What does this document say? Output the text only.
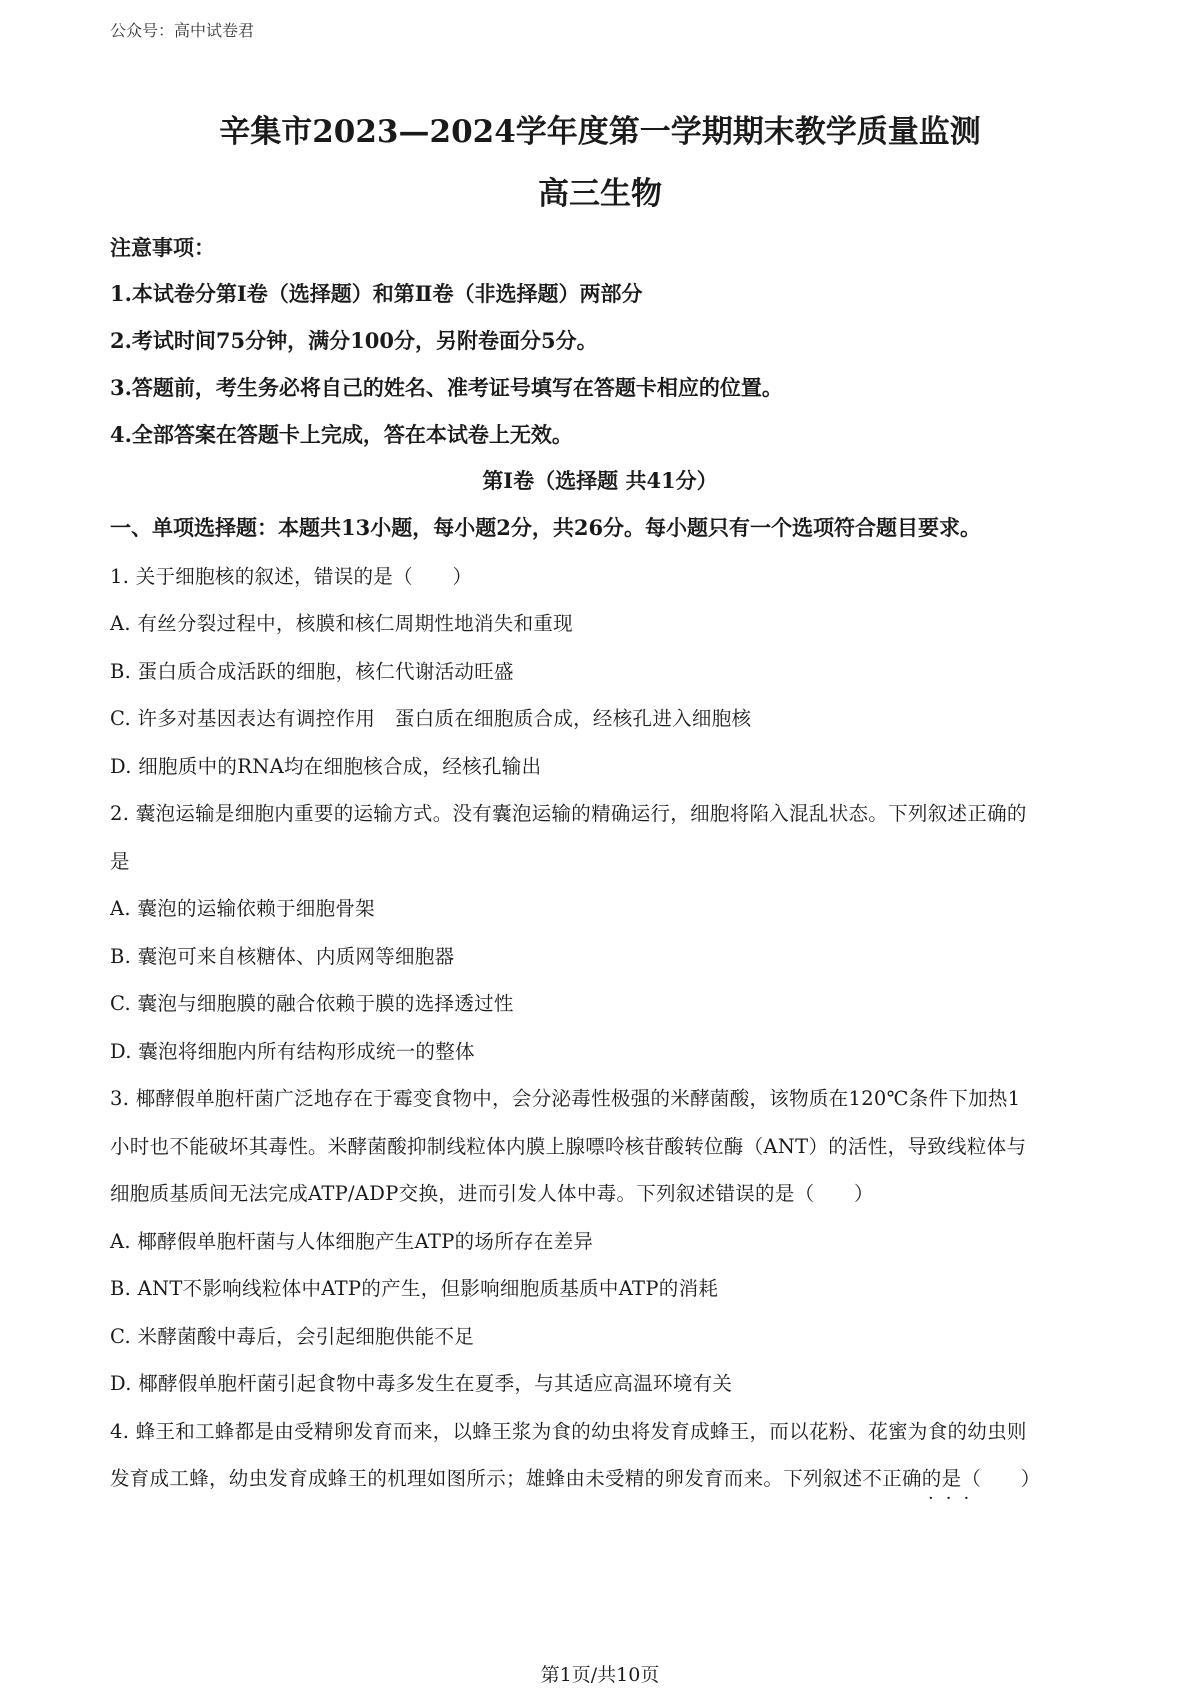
公众号：高中试卷君
辛集市2023—2024学年度第一学期期末教学质量监测
高三生物
注意事项：
1.本试卷分第Ⅰ卷（选择题）和第Ⅱ卷（非选择题）两部分
2.考试时间75分钟，满分100分，另附卷面分5分。
3.答题前，考生务必将自己的姓名、准考证号填写在答题卡相应的位置。
4.全部答案在答题卡上完成，答在本试卷上无效。
第Ⅰ卷（选择题 共41分）
一、单项选择题：本题共13小题，每小题2分，共26分。每小题只有一个选项符合题目要求。
1. 关于细胞核的叙述，错误的是（　　）
A. 有丝分裂过程中，核膜和核仁周期性地消失和重现
B. 蛋白质合成活跃的细胞，核仁代谢活动旺盛
C. 许多对基因表达有调控作用　蛋白质在细胞质合成，经核孔进入细胞核
D. 细胞质中的RNA均在细胞核合成，经核孔输出
2. 囊泡运输是细胞内重要的运输方式。没有囊泡运输的精确运行，细胞将陷入混乱状态。下列叙述正确的
是
A. 囊泡的运输依赖于细胞骨架
B. 囊泡可来自核糖体、内质网等细胞器
C. 囊泡与细胞膜的融合依赖于膜的选择透过性
D. 囊泡将细胞内所有结构形成统一的整体
3. 椰酵假单胞杆菌广泛地存在于霉变食物中，会分泌毒性极强的米酵菌酸，该物质在120℃条件下加热1
小时也不能破坏其毒性。米酵菌酸抑制线粒体内膜上腺嘌呤核苷酸转位酶（ANT）的活性，导致线粒体与
细胞质基质间无法完成ATP/ADP交换，进而引发人体中毒。下列叙述错误的是（　　）
A. 椰酵假单胞杆菌与人体细胞产生ATP的场所存在差异
B. ANT不影响线粒体中ATP的产生，但影响细胞质基质中ATP的消耗
C. 米酵菌酸中毒后，会引起细胞供能不足
D. 椰酵假单胞杆菌引起食物中毒多发生在夏季，与其适应高温环境有关
4. 蜂王和工蜂都是由受精卵发育而来，以蜂王浆为食的幼虫将发育成蜂王，而以花粉、花蜜为食的幼虫则
发育成工蜂，幼虫发育成蜂王的机理如图所示；雄蜂由未受精的卵发育而来。下列叙述不正确的是（　　）
···
第1页/共10页
